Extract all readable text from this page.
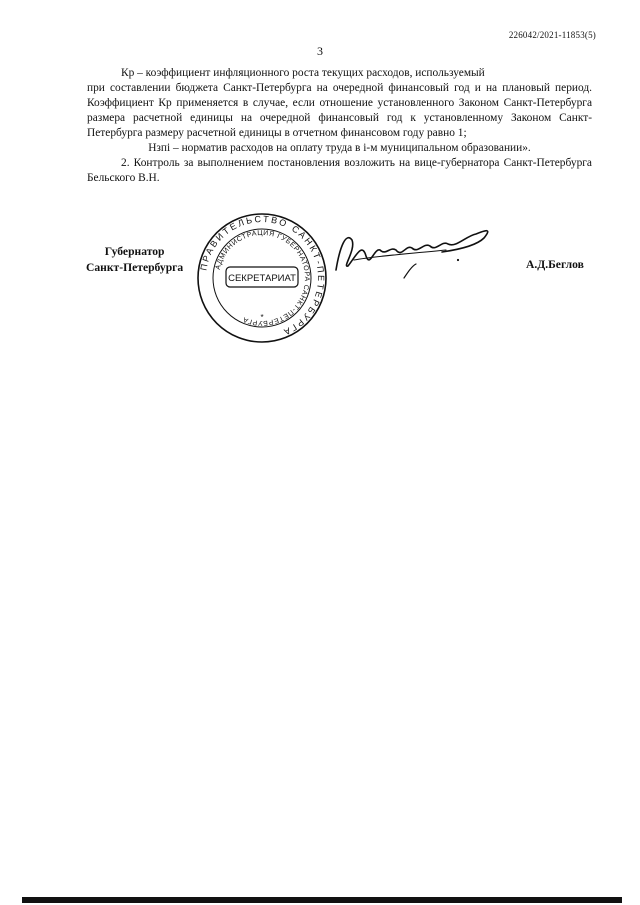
226042/2021-11853(5)
3

Кр – коэффициент инфляционного роста текущих расходов, используемый

при составлении бюджета Санкт-Петербурга на очередной финансовый год и на плановый период. Коэффициент Кр применяется в случае, если отношение установленного Законом Санкт-Петербурга размера расчетной единицы на очередной финансовый год к установленному Законом Санкт-Петербурга размеру расчетной единицы в отчетном финансовом году равно 1;

Нзпi – норматив расходов на оплату труда в i-м муниципальном образовании».

2. Контроль за выполнением постановления возложить на вице-губернатора Санкт-Петербурга Бельского В.Н.

Губернатор
Санкт-Петербурга ПРАВИТЕЛЬСТВО САНКТ-ПЕТЕРБУРГА
АДМИНИСТРАЦИЯ ГУБЕРНАТОРА САНКТ-ПЕТЕРБУРГА
СЕКРЕТАРИАТ
*
А.Д.Беглов
